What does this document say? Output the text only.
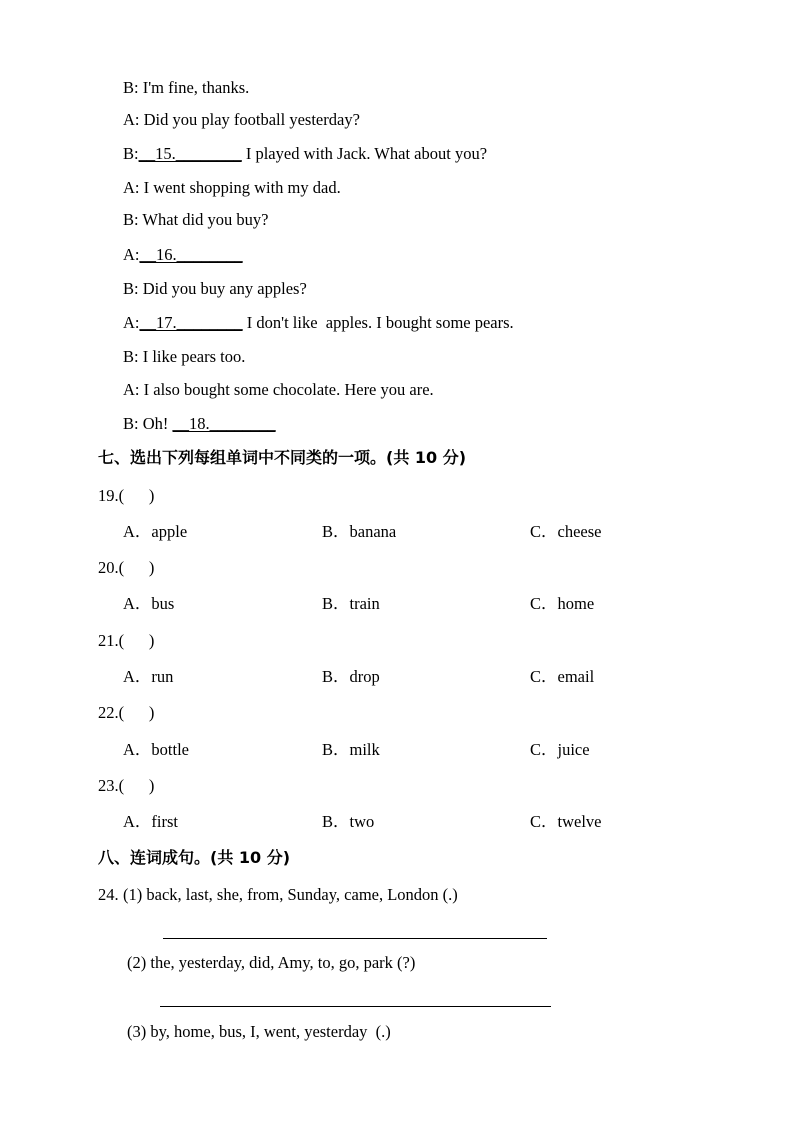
B: I'm fine, thanks.
A: Did you play football yesterday?
B:__15.________ I played with Jack. What about you?
A: I went shopping with my dad.
B: What did you buy?
A:__16.________
B: Did you buy any apples?
A:__17.________ I don't like  apples. I bought some pears.
B: I like pears too.
A: I also bought some chocolate. Here you are.
B: Oh! __18.________
七、选出下列每组单词中不同类的一项。(共 10 分)
19.(      )
A．apple	B．banana	C．cheese
20.(      )
A．bus	B．train	C．home
21.(      )
A．run	B．drop	C．email
22.(      )
A．bottle	B．milk	C．juice
23.(      )
A．first	B．two	C．twelve
八、连词成句。(共 10 分)
24. (1) back, last, she, from, Sunday, came, London (.)
(2) the, yesterday, did, Amy, to, go, park (?)
(3) by, home, bus, I, went, yesterday  (.)
